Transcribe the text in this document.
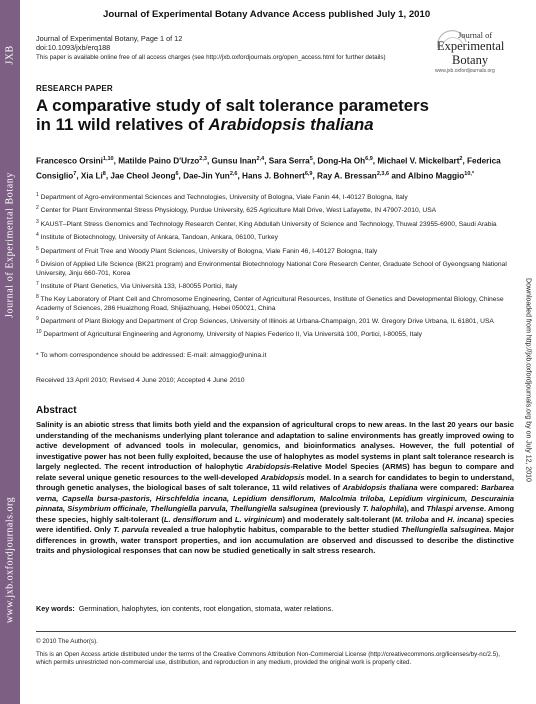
JXB
Journal of Experimental Botany
www.jxb.oxfordjournals.org
Journal of Experimental Botany Advance Access published July 1, 2010
Journal of Experimental Botany, Page 1 of 12
doi:10.1093/jxb/erq188
This paper is available online free of all access charges (see http://jxb.oxfordjournals.org/open_access.html for further details)
Journal of
Experimental
Botany
www.jxb.oxfordjournals.org
RESEARCH PAPER
A comparative study of salt tolerance parameters
in 11 wild relatives of Arabidopsis thaliana
Francesco Orsini$^{1,10}$, Matilde Paino D'Urzo$^{2,3}$, Gunsu Inan$^{2,4}$, Sara Serra$^5$, Dong-Ha Oh$^{6,9}$, Michael V. Mickelbart$^2$, Federica Consiglio$^7$, Xia Li$^8$, Jae Cheol Jeong$^6$, Dae-Jin Yun$^{2,6}$, Hans J. Bohnert$^{6,9}$, Ray A. Bressan$^{2,3,6}$ and Albino Maggio$^{10,*}$
$^1$ Department of Agro-environmental Sciences and Technologies, University of Bologna, Viale Fanin 44, I-40127 Bologna, Italy
$^2$ Center for Plant Environmental Stress Physiology, Purdue University, 625 Agriculture Mall Drive, West Lafayette, IN 47907-2010, USA
$^3$ KAUST–Plant Stress Genomics and Technology Research Center, King Abdullah University of Science and Technology, Thuwal 23955-6900, Saudi Arabia
$^4$ Institute of Biotechnology, University of Ankara, Tandoan, Ankara, 06100, Turkey
$^5$ Department of Fruit Tree and Woody Plant Sciences, University of Bologna, Viale Fanin 46, I-40127 Bologna, Italy
$^6$ Division of Applied Life Science (BK21 program) and Environmental Biotechnology National Core Research Center, Graduate School of Gyeongsang National University, Jinju 660-701, Korea
$^7$ Institute of Plant Genetics, Via Università 133, I-80055 Portici, Italy
$^8$ The Key Laboratory of Plant Cell and Chromosome Engineering, Center of Agricultural Resources, Institute of Genetics and Developmental Biology, Chinese Academy of Sciences, 286 Huaizhong Road, Shijiazhuang, Hebei 050021, China
$^9$ Department of Plant Biology and Department of Crop Sciences, University of Illinois at Urbana-Champaign, 201 W. Gregory Drive Urbana, IL 61801, USA
$^{10}$ Department of Agricultural Engineering and Agronomy, University of Napies Federico II, Via Università 100, Portici, I-80055, Italy
* To whom correspondence should be addressed: E-mail: almaggio@unina.it
Received 13 April 2010; Revised 4 June 2010; Accepted 4 June 2010
Abstract

Salinity is an abiotic stress that limits both yield and the expansion of agricultural crops to new areas. In the last 20 years our basic understanding of the mechanisms underlying plant tolerance and adaptation to saline environments has greatly improved owing to active development of advanced tools in molecular, genomics, and bioinformatics analyses. However, the full potential of investigative power has not been fully exploited, because the use of halophytes as model systems in plant salt tolerance research is largely neglected. The recent introduction of halophytic Arabidopsis-Relative Model Species (ARMS) has begun to compare and relate several unique genetic resources to the well-developed Arabidopsis model. In a search for candidates to begin to understand, through genetic analyses, the biological bases of salt tolerance, 11 wild relatives of Arabidopsis thaliana were compared: Barbarea verna, Capsella bursa-pastoris, Hirschfeldia incana, Lepidium densiflorum, Malcolmia triloba, Lepidium virginicum, Descurainia pinnata, Sisymbrium officinale, Thellungiella parvula, Thellungiella salsuginea (previously T. halophila), and Thlaspi arvense. Among these species, highly salt-tolerant (L. densiflorum and L. virginicum) and moderately salt-tolerant (M. triloba and H. incana) species were identified. Only T. parvula revealed a true halophytic habitus, comparable to the better studied Thellungiella salsuginea. Major differences in growth, water transport properties, and ion accumulation are observed and discussed to describe the distinctive traits and physiological responses that can now be studied genetically in salt stress research.

Key words: Germination, halophytes, ion contents, root elongation, stomata, water relations.
© 2010 The Author(s).
This is an Open Access article distributed under the terms of the Creative Commons Attribution Non-Commercial License (http://creativecommons.org/licenses/by-nc/2.5), which permits unrestricted non-commercial use, distribution, and reproduction in any medium, provided the original work is properly cited.
Downloaded from http://jxb.oxfordjournals.org by on July 12, 2010
